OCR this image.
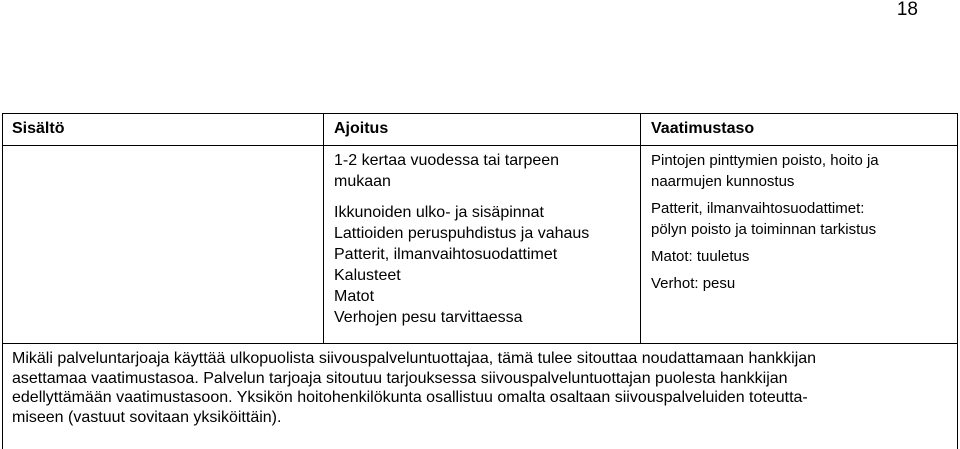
18
Sisältö	Ajoitus	Vaatimustaso
1-2 kertaa vuodessa tai tarpeen
mukaan
Ikkunoiden ulko- ja sisäpinnat
Lattioiden peruspuhdistus ja vahaus
Patterit, ilmanvaihtosuodattimet
Kalusteet
Matot
Verhojen pesu tarvittaessa
Pintojen pinttymien poisto, hoito ja
naarmujen kunnostus
Patterit, ilmanvaihtosuodattimet:
pölyn poisto ja toiminnan tarkistus
Matot: tuuletus
Verhot: pesu
Mikäli palveluntarjoaja käyttää ulkopuolista siivouspalveluntuottajaa, tämä tulee sitouttaa noudattamaan hankkijan
asettamaa vaatimustasoa. Palvelun tarjoaja sitoutuu tarjouksessa siivouspalveluntuottajan puolesta hankkijan
edellyttämään vaatimustasoon. Yksikön hoitohenkilökunta osallistuu omalta osaltaan siivouspalveluiden toteutta-
miseen (vastuut sovitaan yksiköittäin).
